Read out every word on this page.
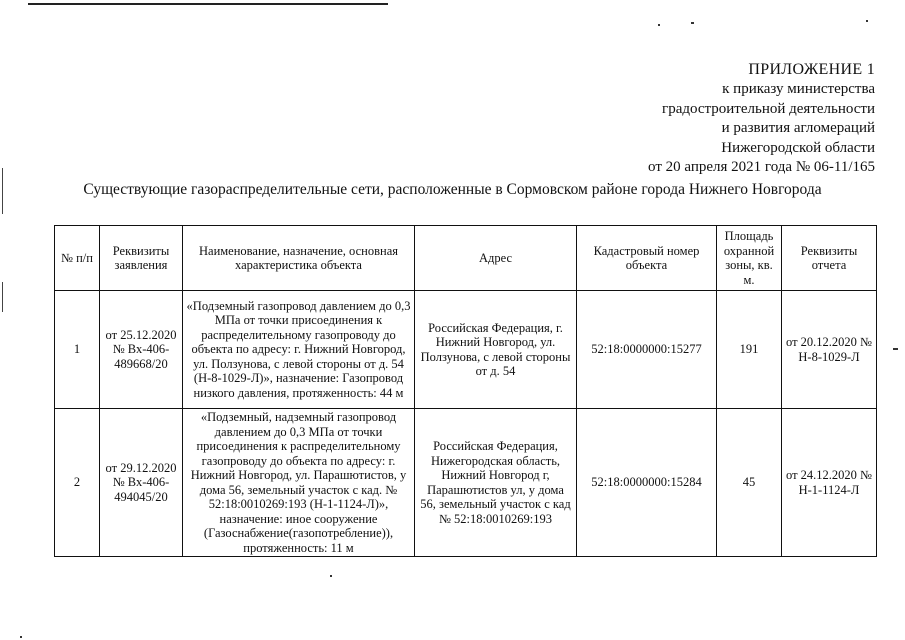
ПРИЛОЖЕНИЕ 1
к приказу министерства
градостроительной деятельности
и развития агломераций
Нижегородской области
от 20 апреля 2021 года № 06-11/165
Существующие газораспределительные сети, расположенные в Сормовском районе города Нижнего Новгорода
№ п/п	Реквизиты заявления	Наименование, назначение, основная характеристика объекта	Адрес	Кадастровый номер объекта	Площадь охранной зоны, кв. м.	Реквизиты отчета
1	от 25.12.2020 № Вх-406-489668/20	«Подземный газопровод давлением до 0,3 МПа от точки присоединения к распределительному газопроводу до объекта по адресу: г. Нижний Новгород, ул. Ползунова, с левой стороны от д. 54 (Н-8-1029-Л)», назначение: Газопровод низкого давления, протяженность: 44 м	Российская Федерация, г. Нижний Новгород, ул. Ползунова, с левой стороны от д. 54	52:18:0000000:15277	191	от 20.12.2020 № Н-8-1029-Л
2	от 29.12.2020 № Вх-406-494045/20	«Подземный, надземный газопровод давлением до 0,3 МПа от точки присоединения к распределительному газопроводу до объекта по адресу: г. Нижний Новгород, ул. Парашютистов, у дома 56, земельный участок с кад. № 52:18:0010269:193 (Н-1-1124-Л)», назначение: иное сооружение (Газоснабжение(газопотребление)), протяженность: 11 м	Российская Федерация, Нижегородская область, Нижний Новгород г, Парашютистов ул, у дома 56, земельный участок с кад № 52:18:0010269:193	52:18:0000000:15284	45	от 24.12.2020 № Н-1-1124-Л
